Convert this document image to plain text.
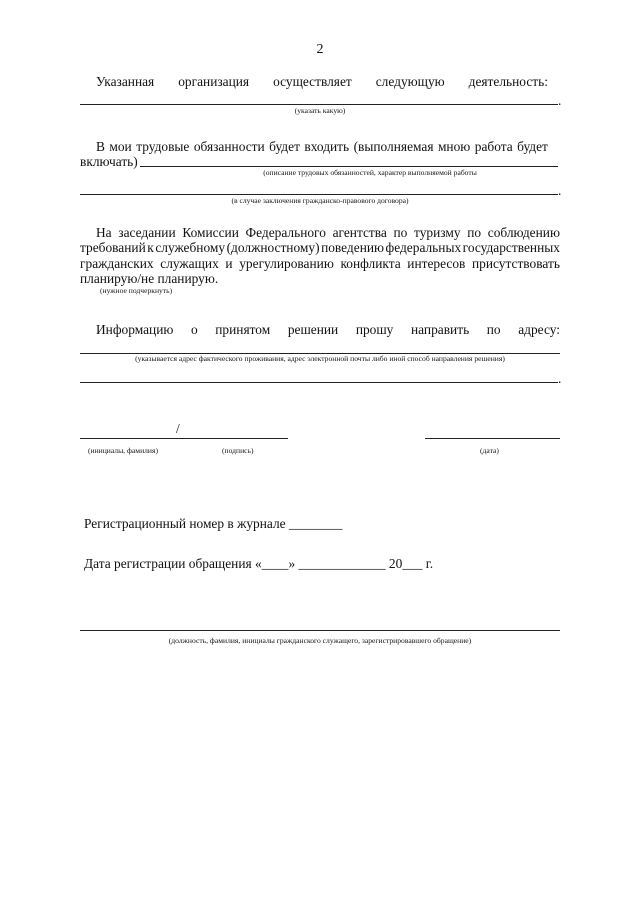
2
Указанная организация осуществляет следующую деятельность:
.
(указать какую)
В мои трудовые обязанности будет входить (выполняемая мною работа будет
включать)
(описание трудовых обязанностей, характер выполняемой работы
.
(в случае заключения гражданско-правового договора)
На заседании Комиссии Федерального агентства по туризму по соблюдению
требований к служебному (должностному) поведению федеральных государственных
гражданских служащих и урегулированию конфликта интересов присутствовать
планирую/не планирую.
(нужное подчеркнуть)
Информацию о принятом решении прошу направить по адресу:
(указывается адрес фактического проживания, адрес электронной почты либо иной способ направления решения)
.
/
(инициалы, фамилия)	(подпись)	(дата)
Регистрационный номер в журнале ________
Дата регистрации обращения «____» _____________ 20___ г.
(должность, фамилия, инициалы гражданского служащего, зарегистрировавшего обращение)
